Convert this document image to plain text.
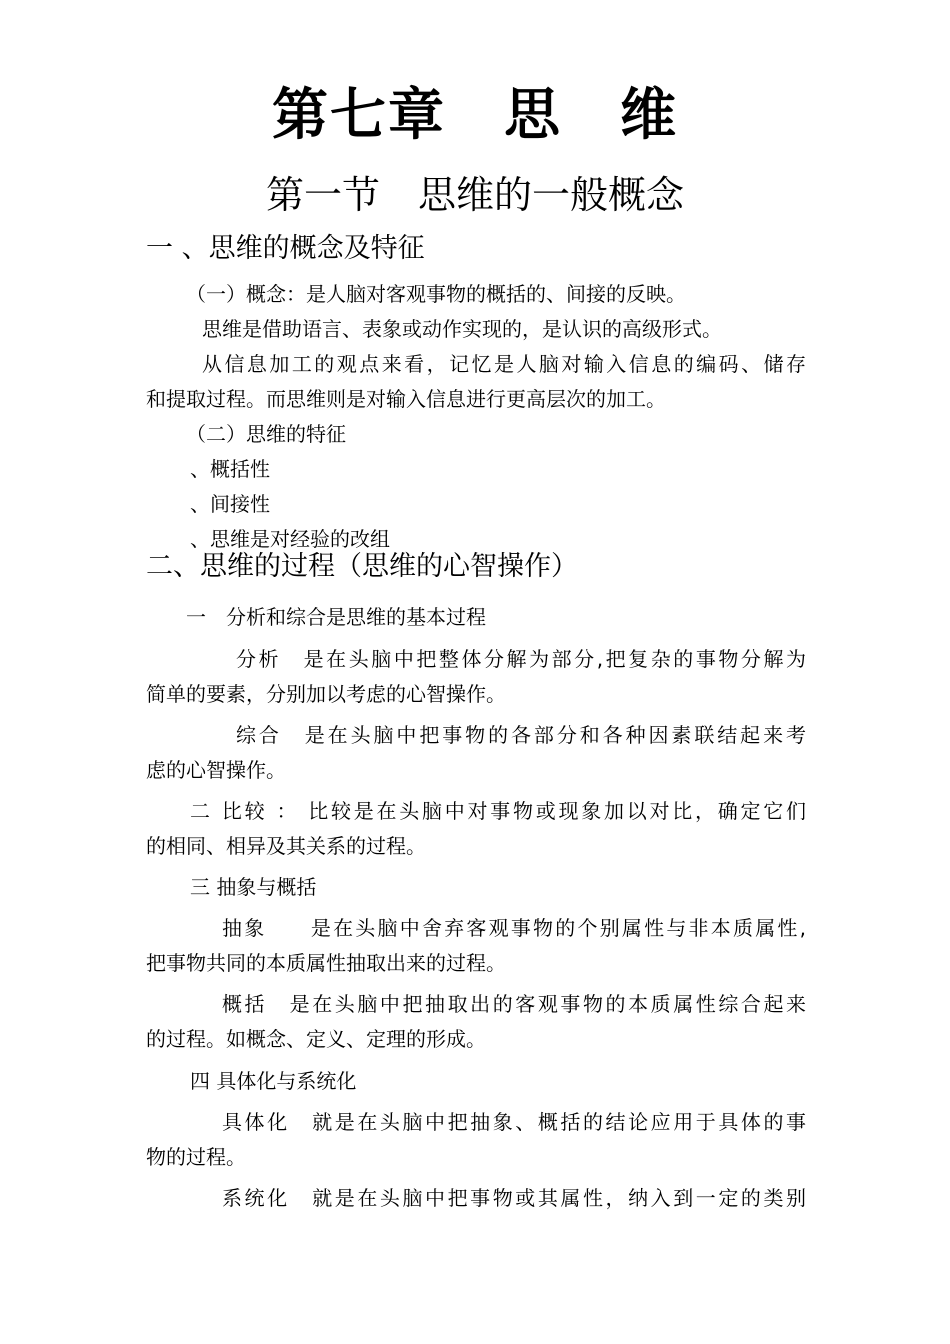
第七章　思　维
第一节　思维的一般概念
一 、思维的概念及特征
（一）概念：是人脑对客观事物的概括的、间接的反映。
思维是借助语言、表象或动作实现的，是认识的高级形式。
从信息加工的观点来看，记忆是人脑对输入信息的编码、储存
和提取过程。而思维则是对输入信息进行更高层次的加工。
（二）思维的特征
、概括性
、间接性
、思维是对经验的改组
二、思维的过程（思维的心智操作）
一　分析和综合是思维的基本过程
分析　是在头脑中把整体分解为部分,把复杂的事物分解为
简单的要素，分别加以考虑的心智操作。
综合　是在头脑中把事物的各部分和各种因素联结起来考
虑的心智操作。
二 比较 ： 比较是在头脑中对事物或现象加以对比，确定它们
的相同、相异及其关系的过程。
三 抽象与概括
抽象　　是在头脑中舍弃客观事物的个别属性与非本质属性,
把事物共同的本质属性抽取出来的过程。
概括　是在头脑中把抽取出的客观事物的本质属性综合起来
的过程。如概念、定义、定理的形成。
四 具体化与系统化
具体化　就是在头脑中把抽象、概括的结论应用于具体的事
物的过程。
系统化　就是在头脑中把事物或其属性，纳入到一定的类别
